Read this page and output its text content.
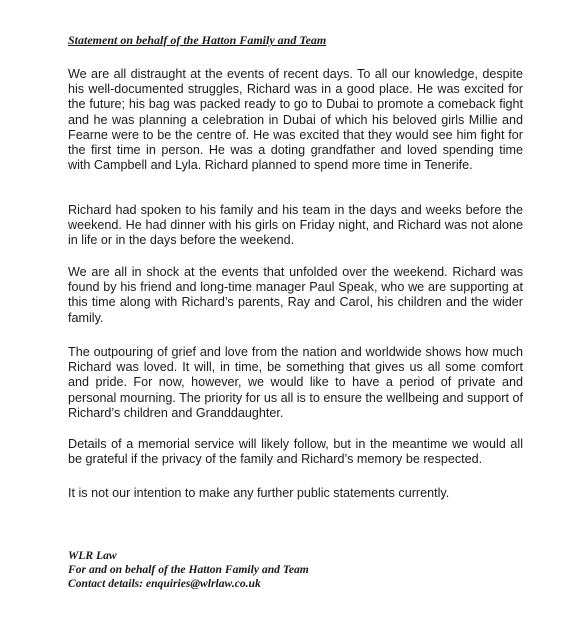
Statement on behalf of the Hatton Family and Team

We are all distraught at the events of recent days. To all our knowledge, despite his well-documented struggles, Richard was in a good place. He was excited for the future; his bag was packed ready to go to Dubai to promote a comeback fight and he was planning a celebration in Dubai of which his beloved girls Millie and Fearne were to be the centre of. He was excited that they would see him fight for the first time in person. He was a doting grandfather and loved spending time with Campbell and Lyla. Richard planned to spend more time in Tenerife.

Richard had spoken to his family and his team in the days and weeks before the weekend. He had dinner with his girls on Friday night, and Richard was not alone in life or in the days before the weekend.

We are all in shock at the events that unfolded over the weekend. Richard was found by his friend and long-time manager Paul Speak, who we are supporting at this time along with Richard’s parents, Ray and Carol, his children and the wider family.

The outpouring of grief and love from the nation and worldwide shows how much Richard was loved. It will, in time, be something that gives us all some comfort and pride. For now, however, we would like to have a period of private and personal mourning. The priority for us all is to ensure the wellbeing and support of Richard’s children and Granddaughter.

Details of a memorial service will likely follow, but in the meantime we would all be grateful if the privacy of the family and Richard’s memory be respected.

It is not our intention to make any further public statements currently.

WLR Law
For and on behalf of the Hatton Family and Team
Contact details: enquiries@wlrlaw.co.uk
